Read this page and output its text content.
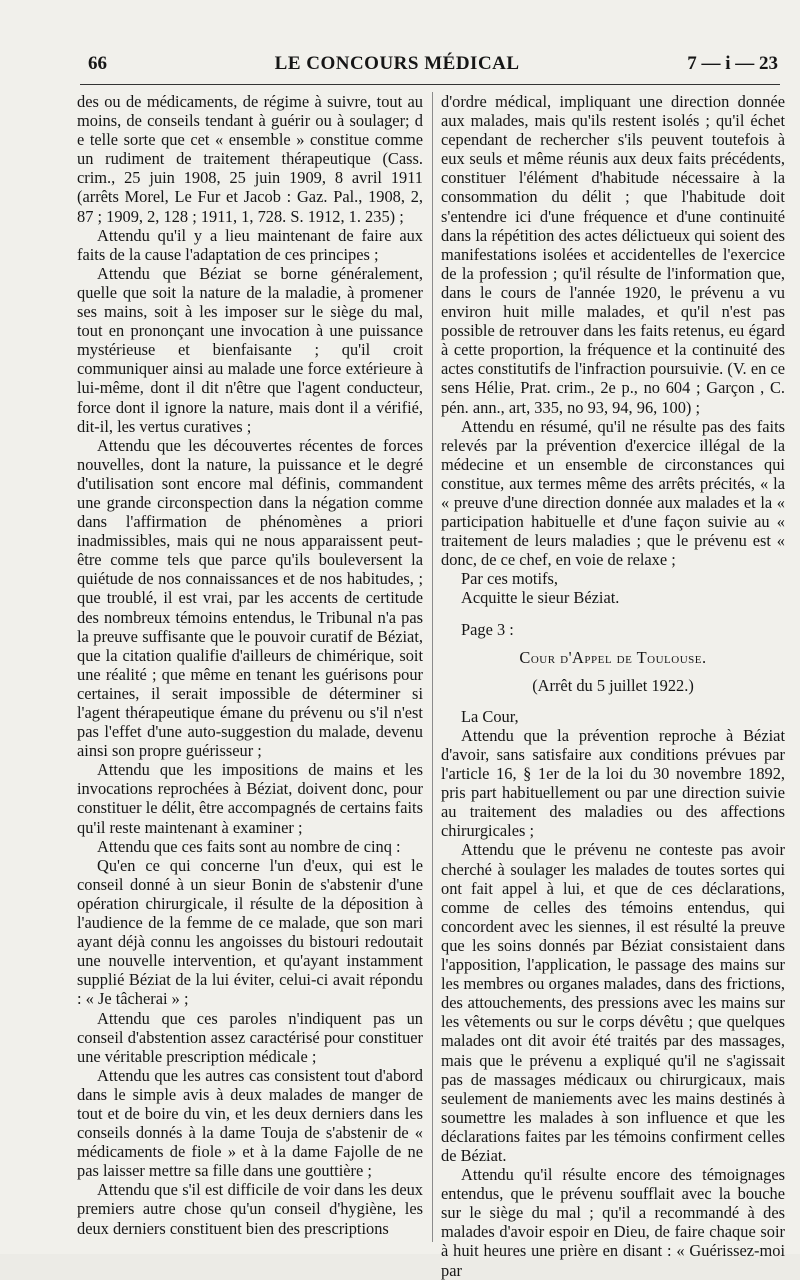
66	LE CONCOURS MÉDICAL	7 — i — 23

des ou de médicaments, de régime à suivre, tout au moins, de conseils tendant à guérir ou à soulager; d e telle sorte que cet « ensemble » constitue comme un rudiment de traitement thérapeutique (Cass. crim., 25 juin 1908, 25 juin 1909, 8 avril 1911 (arrêts Morel, Le Fur et Jacob : Gaz. Pal., 1908, 2, 87 ; 1909, 2, 128 ; 1911, 1, 728. S. 1912, 1. 235) ;

Attendu qu'il y a lieu maintenant de faire aux faits de la cause l'adaptation de ces principes ;

Attendu que Béziat se borne généralement, quelle que soit la nature de la maladie, à promener ses mains, soit à les imposer sur le siège du mal, tout en prononçant une invocation à une puissance mystérieuse et bienfaisante ; qu'il croit communiquer ainsi au malade une force extérieure à lui-même, dont il dit n'être que l'agent conducteur, force dont il ignore la nature, mais dont il a vérifié, dit-il, les vertus curatives ;

Attendu que les découvertes récentes de forces nouvelles, dont la nature, la puissance et le degré d'utilisation sont encore mal définis, commandent une grande circonspection dans la négation comme dans l'affirmation de phénomènes a priori inadmissibles, mais qui ne nous apparaissent peut-être comme tels que parce qu'ils bouleversent la quiétude de nos connaissances et de nos habitudes, ; que troublé, il est vrai, par les accents de certitude des nombreux témoins entendus, le Tribunal n'a pas la preuve suffisante que le pouvoir curatif de Béziat, que la citation qualifie d'ailleurs de chimérique, soit une réalité ; que même en tenant les guérisons pour certaines, il serait impossible de déterminer si l'agent thérapeutique émane du prévenu ou s'il n'est pas l'effet d'une auto-suggestion du malade, devenu ainsi son propre guérisseur ;

Attendu que les impositions de mains et les invocations reprochées à Béziat, doivent donc, pour constituer le délit, être accompagnés de certains faits qu'il reste maintenant à examiner ;

Attendu que ces faits sont au nombre de cinq :

Qu'en ce qui concerne l'un d'eux, qui est le conseil donné à un sieur Bonin de s'abstenir d'une opération chirurgicale, il résulte de la déposition à l'audience de la femme de ce malade, que son mari ayant déjà connu les angoisses du bistouri redoutait une nouvelle intervention, et qu'ayant instamment supplié Béziat de la lui éviter, celui-ci avait répondu : « Je tâcherai » ;

Attendu que ces paroles n'indiquent pas un conseil d'abstention assez caractérisé pour constituer une véritable prescription médicale ;

Attendu que les autres cas consistent tout d'abord dans le simple avis à deux malades de manger de tout et de boire du vin, et les deux derniers dans les conseils donnés à la dame Touja de s'abstenir de « médicaments de fiole » et à la dame Fajolle de ne pas laisser mettre sa fille dans une gouttière ;

Attendu que s'il est difficile de voir dans les deux premiers autre chose qu'un conseil d'hygiène, les deux derniers constituent bien des prescriptions

d'ordre médical, impliquant une direction donnée aux malades, mais qu'ils restent isolés ; qu'il échet cependant de rechercher s'ils peuvent toutefois à eux seuls et même réunis aux deux faits précédents, constituer l'élément d'habitude nécessaire à la consommation du délit ; que l'habitude doit s'entendre ici d'une fréquence et d'une continuité dans la répétition des actes délictueux qui soient des manifestations isolées et accidentelles de l'exercice de la profession ; qu'il résulte de l'information que, dans le cours de l'année 1920, le prévenu a vu environ huit mille malades, et qu'il n'est pas possible de retrouver dans les faits retenus, eu égard à cette proportion, la fréquence et la continuité des actes constitutifs de l'infraction poursuivie. (V. en ce sens Hélie, Prat. crim., 2e p., no 604 ; Garçon , C. pén. ann., art, 335, no 93, 94, 96, 100) ;

Attendu en résumé, qu'il ne résulte pas des faits relevés par la prévention d'exercice illégal de la médecine et un ensemble de circonstances qui constitue, aux termes même des arrêts précités, « la « preuve d'une direction donnée aux malades et la « participation habituelle et d'une façon suivie au « traitement de leurs maladies ; que le prévenu est « donc, de ce chef, en voie de relaxe ;

Par ces motifs,

Acquitte le sieur Béziat.

Page 3 :

Cour d'Appel de Toulouse.

(Arrêt du 5 juillet 1922.)

La Cour,

Attendu que la prévention reproche à Béziat d'avoir, sans satisfaire aux conditions prévues par l'article 16, § 1er de la loi du 30 novembre 1892, pris part habituellement ou par une direction suivie au traitement des maladies ou des affections chirurgicales ;

Attendu que le prévenu ne conteste pas avoir cherché à soulager les malades de toutes sortes qui ont fait appel à lui, et que de ces déclarations, comme de celles des témoins entendus, qui concordent avec les siennes, il est résulté la preuve que les soins donnés par Béziat consistaient dans l'apposition, l'application, le passage des mains sur les membres ou organes malades, dans des frictions, des attouchements, des pressions avec les mains sur les vêtements ou sur le corps dévêtu ; que quelques malades ont dit avoir été traités par des massages, mais que le prévenu a expliqué qu'il ne s'agissait pas de massages médicaux ou chirurgicaux, mais seulement de maniements avec les mains destinés à soumettre les malades à son influence et que les déclarations faites par les témoins confirment celles de Béziat.

Attendu qu'il résulte encore des témoignages entendus, que le prévenu soufflait avec la bouche sur le siège du mal ; qu'il a recommandé à des malades d'avoir espoir en Dieu, de faire chaque soir à huit heures une prière en disant : « Guérissez-moi par
